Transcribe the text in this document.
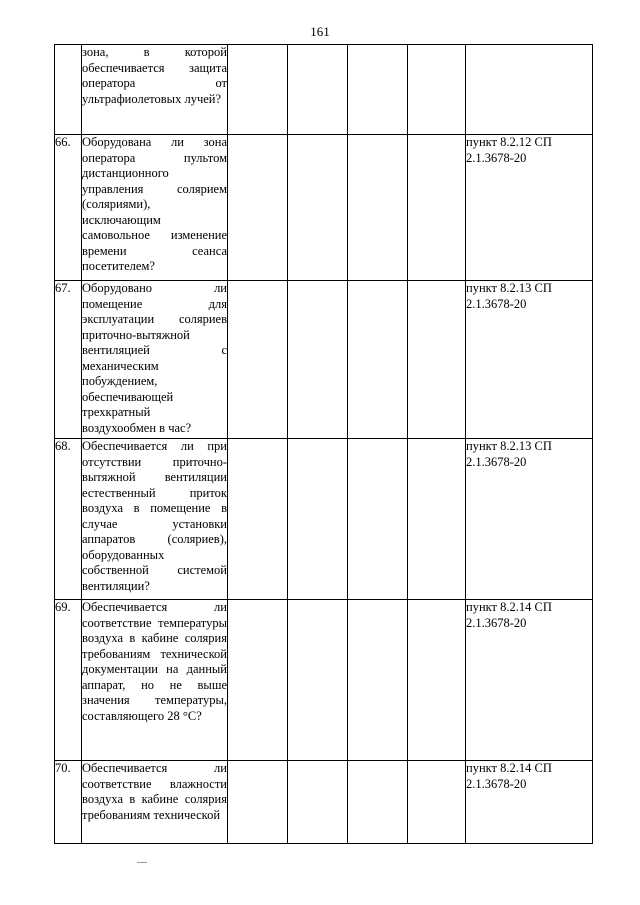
161

	зона, в которой обеспечивается защита оператора от ультрафиолетовых лучей?					

66.	Оборудована ли зона оператора пультом дистанционного управления солярием (соляриями), исключающим самовольное изменение времени сеанса посетителем?					пункт 8.2.12 СП 2.1.3678-20
67.	Оборудовано ли помещение для эксплуатации соляриев приточно-вытяжной вентиляцией с механическим побуждением, обеспечивающей трехкратный воздухообмен в час?					пункт 8.2.13 СП 2.1.3678-20
68.	Обеспечивается ли при отсутствии приточно-вытяжной вентиляции естественный приток воздуха в помещение в случае установки аппаратов (соляриев), оборудованных собственной системой вентиляции?					пункт 8.2.13 СП 2.1.3678-20
69.	Обеспечивается ли соответствие температуры воздуха в кабине солярия требованиям технической документации на данный аппарат, но не выше значения температуры, составляющего 28 °С?					пункт 8.2.14 СП 2.1.3678-20
70.	Обеспечивается ли соответствие влажности воздуха в кабине солярия требованиям технической					пункт 8.2.14 СП 2.1.3678-20
